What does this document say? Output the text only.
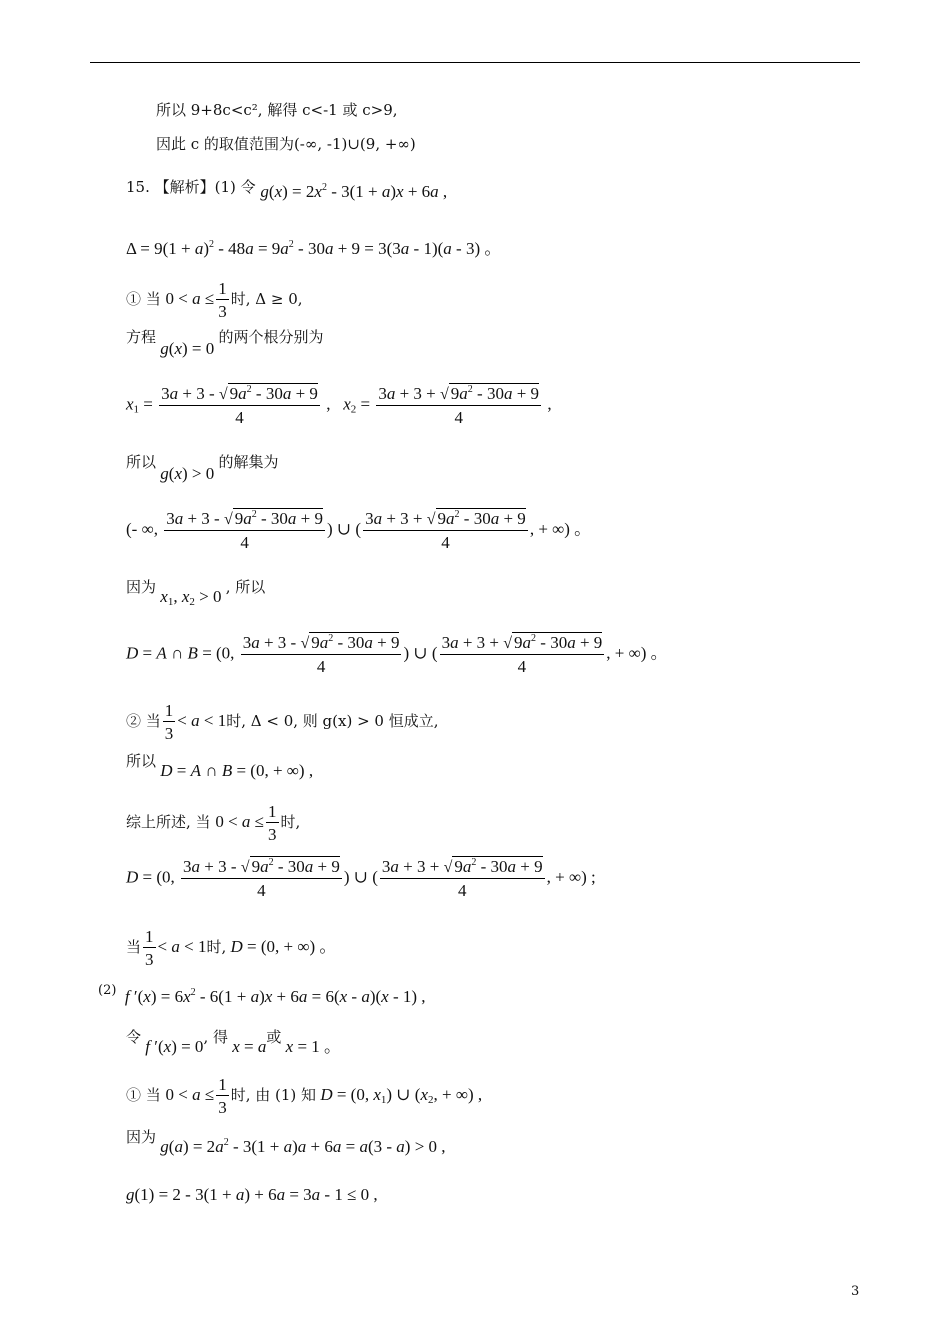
所以 9+8c<c², 解得 c<-1 或 c>9,
因此 c 的取值范围为(-∞, -1)∪(9, +∞)
15. 【解析】(1) 令 $g(x) = 2x^2 - 3(1 + a)x + 6a$ ,
$\Delta = 9(1 + a)^2 - 48a = 9a^2 - 30a + 9 = 3(3a - 1)(a - 3)$ 。
① 当 $0 < a \le \frac{1}{3}$ 时, Δ ≥ 0,
方程 g(x) = 0 的两个根分别为
$x_1 = \frac{3a + 3 - √ 9a^2 - 30a + 9}{4}$ ,   $x_2 = \frac{3a + 3 + √ 9a^2 - 30a + 9}{4}$ ,
所以 g(x) > 0 的解集为
(- ∞, $\frac{3a + 3 - √ 9a^2 - 30a + 9}{4}$ ) ∪ ( $\frac{3a + 3 + √ 9a^2 - 30a + 9}{4}$ , + ∞) 。
因为 $x_1$, $x_2 > 0$ , 所以
D = A ∩ B = (0, $\frac{3a + 3 - √ 9a^2 - 30a + 9}{4}$ ) ∪ ( $\frac{3a + 3 + √ 9a^2 - 30a + 9}{4}$ , + ∞) 。
② 当 $\frac{1}{3} < a < 1$时, Δ < 0, 则 g(x) > 0 恒成立,
所以 D = A ∩ B = (0, + ∞) ,
综上所述, 当 $0 < a \le \frac{1}{3}$ 时,
D = (0, $\frac{3a + 3 - √ 9a^2 - 30a + 9}{4}$ ) ∪ ( $\frac{3a + 3 + √ 9a^2 - 30a + 9}{4}$ , + ∞) ;
当 $\frac{1}{3} < a < 1$时, D = (0, + ∞) 。
(2) f $'(x) = 6x^2 - 6(1 + a)x + 6a = 6(x - a)(x - 1)$ ,
令 f ′(x) = 0, 得 x = a或 x = 1 。
① 当 $0 < a \le \frac{1}{3}$ 时, 由 (1) 知 D = (0, $x_1$) ∪ ($x_2$, + ∞) ,
因为 $g(a) = 2a^2 - 3(1 + a)a + 6a = a(3 - a) > 0$ ,
g(1) = 2 - 3(1 + a) + 6a = 3a - 1 ≤ 0 ,
3
